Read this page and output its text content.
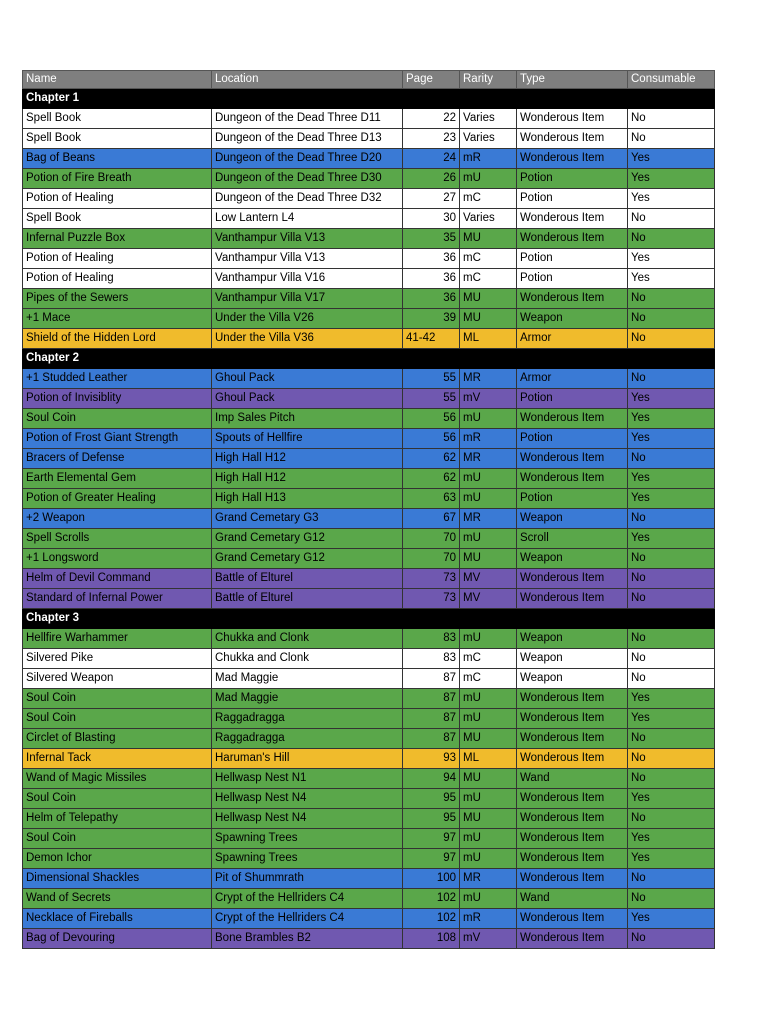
Name	Location	Page	Rarity	Type	Consumable
Chapter 1					
Spell Book	Dungeon of the Dead Three D11	22	Varies	Wonderous Item	No
Spell Book	Dungeon of the Dead Three D13	23	Varies	Wonderous Item	No
Bag of Beans	Dungeon of the Dead Three D20	24	mR	Wonderous Item	Yes
Potion of Fire Breath	Dungeon of the Dead Three D30	26	mU	Potion	Yes
Potion of Healing	Dungeon of the Dead Three D32	27	mC	Potion	Yes
Spell Book	Low Lantern L4	30	Varies	Wonderous Item	No
Infernal Puzzle Box	Vanthampur Villa V13	35	MU	Wonderous Item	No
Potion of Healing	Vanthampur Villa V13	36	mC	Potion	Yes
Potion of Healing	Vanthampur Villa V16	36	mC	Potion	Yes
Pipes of the Sewers	Vanthampur Villa V17	36	MU	Wonderous Item	No
+1 Mace	Under the Villa V26	39	MU	Weapon	No
Shield of the Hidden Lord	Under the Villa V36	41-42	ML	Armor	No
Chapter 2					
+1 Studded Leather	Ghoul Pack	55	MR	Armor	No
Potion of Invisiblity	Ghoul Pack	55	mV	Potion	Yes
Soul Coin	Imp Sales Pitch	56	mU	Wonderous Item	Yes
Potion of Frost Giant Strength	Spouts of Hellfire	56	mR	Potion	Yes
Bracers of Defense	High Hall H12	62	MR	Wonderous Item	No
Earth Elemental Gem	High Hall H12	62	mU	Wonderous Item	Yes
Potion of Greater Healing	High Hall H13	63	mU	Potion	Yes
+2 Weapon	Grand Cemetary G3	67	MR	Weapon	No
Spell Scrolls	Grand Cemetary G12	70	mU	Scroll	Yes
+1 Longsword	Grand Cemetary G12	70	MU	Weapon	No
Helm of Devil Command	Battle of Elturel	73	MV	Wonderous Item	No
Standard of Infernal Power	Battle of Elturel	73	MV	Wonderous Item	No
Chapter 3					
Hellfire Warhammer	Chukka and Clonk	83	mU	Weapon	No
Silvered Pike	Chukka and Clonk	83	mC	Weapon	No
Silvered Weapon	Mad Maggie	87	mC	Weapon	No
Soul Coin	Mad Maggie	87	mU	Wonderous Item	Yes
Soul Coin	Raggadragga	87	mU	Wonderous Item	Yes
Circlet of Blasting	Raggadragga	87	MU	Wonderous Item	No
Infernal Tack	Haruman's Hill	93	ML	Wonderous Item	No
Wand of Magic Missiles	Hellwasp Nest N1	94	MU	Wand	No
Soul Coin	Hellwasp Nest N4	95	mU	Wonderous Item	Yes
Helm of Telepathy	Hellwasp Nest N4	95	MU	Wonderous Item	No
Soul Coin	Spawning Trees	97	mU	Wonderous Item	Yes
Demon Ichor	Spawning Trees	97	mU	Wonderous Item	Yes
Dimensional Shackles	Pit of Shummrath	100	MR	Wonderous Item	No
Wand of Secrets	Crypt of the Hellriders C4	102	mU	Wand	No
Necklace of Fireballs	Crypt of the Hellriders C4	102	mR	Wonderous Item	Yes
Bag of Devouring	Bone Brambles B2	108	mV	Wonderous Item	No
